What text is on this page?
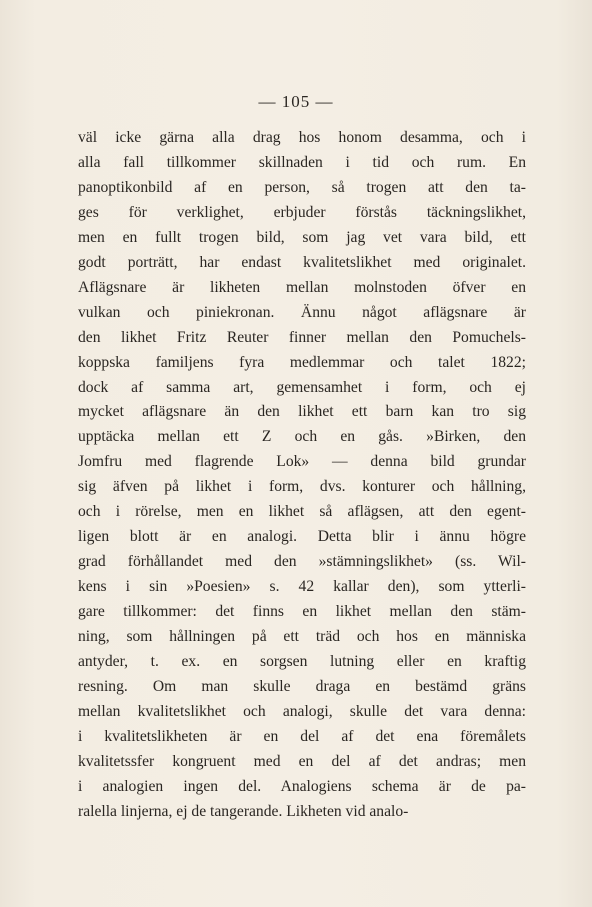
— 105 —
väl icke gärna alla drag hos honom desamma, och i
alla fall tillkommer skillnaden i tid och rum. En
panoptikonbild af en person, så trogen att den ta-
ges för verklighet, erbjuder förstås täckningslikhet,
men en fullt trogen bild, som jag vet vara bild, ett
godt porträtt, har endast kvalitetslikhet med originalet.
Aflägsnare är likheten mellan molnstoden öfver en
vulkan och piniekronan. Ännu något aflägsnare är
den likhet Fritz Reuter finner mellan den Pomuchels-
koppska familjens fyra medlemmar och talet 1822;
dock af samma art, gemensamhet i form, och ej
mycket aflägsnare än den likhet ett barn kan tro sig
upptäcka mellan ett Z och en gås. »Birken, den
Jomfru med flagrende Lok» — denna bild grundar
sig äfven på likhet i form, dvs. konturer och hållning,
och i rörelse, men en likhet så aflägsen, att den egent-
ligen blott är en analogi. Detta blir i ännu högre
grad förhållandet med den »stämningslikhet» (ss. Wil-
kens i sin »Poesien» s. 42 kallar den), som ytterli-
gare tillkommer: det finns en likhet mellan den stäm-
ning, som hållningen på ett träd och hos en människa
antyder, t. ex. en sorgsen lutning eller en kraftig
resning. Om man skulle draga en bestämd gräns
mellan kvalitetslikhet och analogi, skulle det vara denna:
i kvalitetslikheten är en del af det ena föremålets
kvalitetssfer kongruent med en del af det andras; men
i analogien ingen del. Analogiens schema är de pa-
ralella linjerna, ej de tangerande. Likheten vid analo-
